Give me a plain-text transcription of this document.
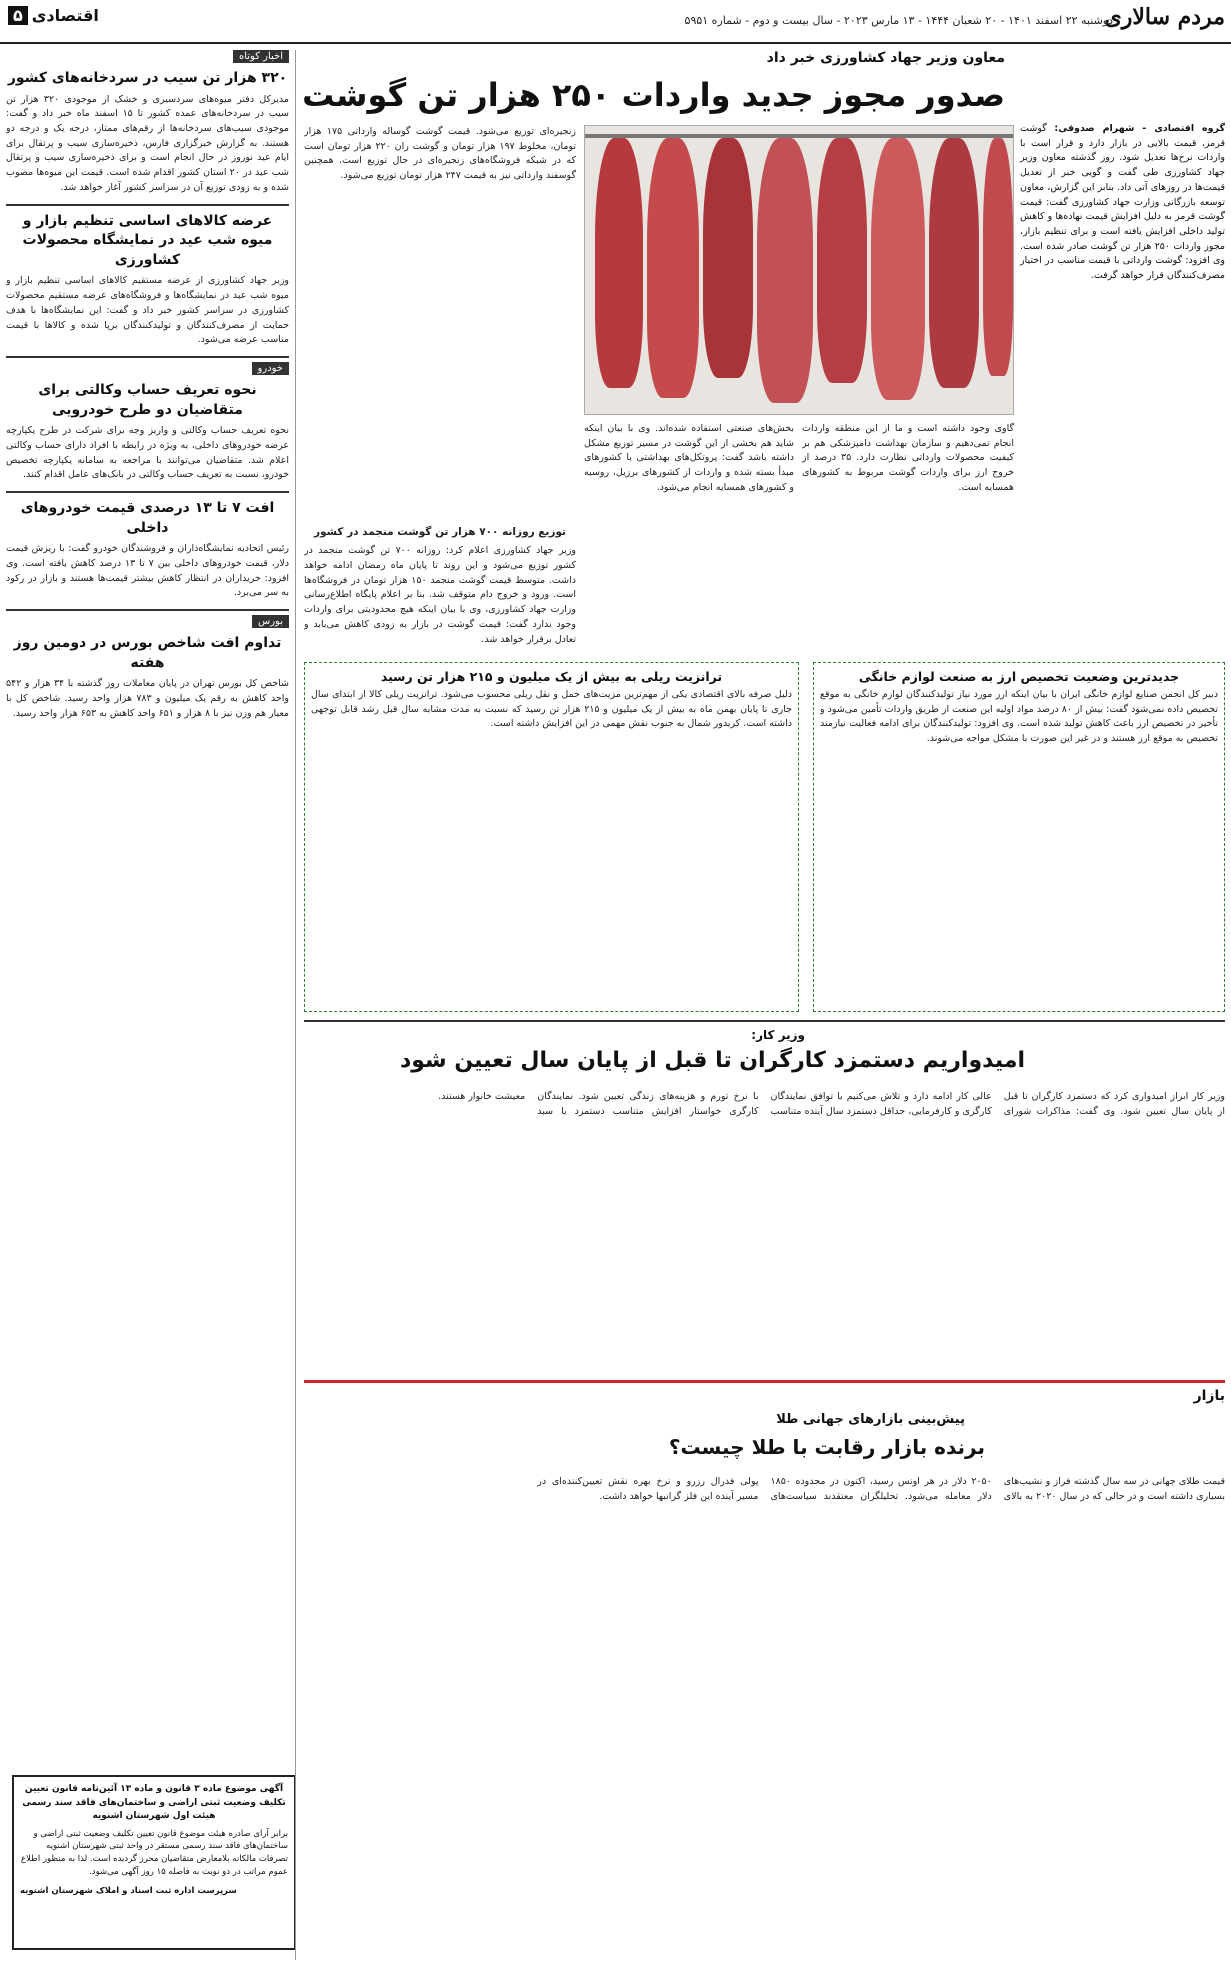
مردم سالاری
دوشنبه ۲۲ اسفند ۱۴۰۱ - ۲۰ شعبان ۱۴۴۴ - ۱۳ مارس ۲۰۲۳ - سال بیست و دوم - شماره ۵۹۵۱
اقتصادی
۵
اخبار کوتاه
۳۲۰ هزار تن سیب در سردخانه‌های کشور
مدیرکل دفتر میوه‌های سردسیری و خشک از موجودی ۳۲۰ هزار تن سیب در سردخانه‌های عمده کشور تا ۱۵ اسفند ماه خبر داد و گفت: موجودی سیب‌های سردخانه‌ها از رقم‌های ممتاز، درجه یک و درجه دو هستند. به گزارش خبرگزاری فارس، ذخیره‌سازی سیب و پرتقال برای ایام عید نوروز در حال انجام است و برای ذخیره‌سازی سیب و پرتقال شب عید در ۲۰ استان کشور اقدام شده است. قیمت این میوه‌ها مصوب شده و به زودی توزیع آن در سراسر کشور آغاز خواهد شد.
عرضه کالاهای اساسی تنظیم بازار و میوه شب عید در نمایشگاه محصولات کشاورزی
وزیر جهاد کشاورزی از عرضه مستقیم کالاهای اساسی تنظیم بازار و میوه شب عید در نمایشگاه‌ها و فروشگاه‌های عرضه مستقیم محصولات کشاورزی در سراسر کشور خبر داد و گفت: این نمایشگاه‌ها با هدف حمایت از مصرف‌کنندگان و تولیدکنندگان برپا شده و کالاها با قیمت مناسب عرضه می‌شود.
خودرو
نحوه تعریف حساب وکالتی برای متقاضیان دو طرح خودرویی
نحوه تعریف حساب وکالتی و واریز وجه برای شرکت در طرح یکپارچه عرضه خودروهای داخلی، به ویژه در رابطه با افراد دارای حساب وکالتی اعلام شد. متقاضیان می‌توانند با مراجعه به سامانه یکپارچه تخصیص خودرو، نسبت به تعریف حساب وکالتی در بانک‌های عامل اقدام کنند.
افت ۷ تا ۱۳ درصدی قیمت خودروهای داخلی
رئیس اتحادیه نمایشگاه‌داران و فروشندگان خودرو گفت: با ریزش قیمت دلار، قیمت خودروهای داخلی بین ۷ تا ۱۳ درصد کاهش یافته است. وی افزود: خریداران در انتظار کاهش بیشتر قیمت‌ها هستند و بازار در رکود به سر می‌برد.
بورس
تداوم افت شاخص بورس در دومین روز هفته
شاخص کل بورس تهران در پایان معاملات روز گذشته با ۳۴ هزار و ۵۴۲ واحد کاهش به رقم یک میلیون و ۷۸۳ هزار واحد رسید. شاخص کل با معیار هم وزن نیز با ۸ هزار و ۶۵۱ واحد کاهش به ۶۵۳ هزار واحد رسید.
آگهی موضوع ماده ۳ قانون و ماده ۱۳ آئین‌نامه قانون تعیین تکلیف وضعیت ثبتی اراضی و ساختمان‌های فاقد سند رسمی هیئت اول شهرستان اشنویه
برابر آرای صادره هیئت موضوع قانون تعیین تکلیف وضعیت ثبتی اراضی و ساختمان‌های فاقد سند رسمی مستقر در واحد ثبتی شهرستان اشنویه تصرفات مالکانه بلامعارض متقاضیان محرز گردیده است. لذا به منظور اطلاع عموم مراتب در دو نوبت به فاصله ۱۵ روز آگهی می‌شود.
سرپرست اداره ثبت اسناد و املاک شهرستان اشنویه
معاون وزیر جهاد کشاورزی خبر داد
صدور مجوز جدید واردات ۲۵۰ هزار تن گوشت
گروه اقتصادی - شهرام صدوقی: گوشت قرمز، قیمت بالایی در بازار دارد و قرار است با واردات نرخ‌ها تعدیل شود. روز گذشته معاون وزیر جهاد کشاورزی طی گفت و گویی خبر از تعدیل قیمت‌ها در روزهای آتی داد. بنابر این گزارش، معاون توسعه بازرگانی وزارت جهاد کشاورزی گفت: قیمت گوشت قرمز به دلیل افزایش قیمت نهاده‌ها و کاهش تولید داخلی افزایش یافته است و برای تنظیم بازار، مجوز واردات ۲۵۰ هزار تن گوشت صادر شده است. وی افزود: گوشت وارداتی با قیمت مناسب در اختیار مصرف‌کنندگان قرار خواهد گرفت.
زنجیره‌ای توزیع می‌شود. قیمت گوشت گوساله وارداتی ۱۷۵ هزار تومان، مخلوط ۱۹۷ هزار تومان و گوشت ران ۲۲۰ هزار تومان است که در شبکه فروشگاه‌های زنجیره‌ای در حال توزیع است. همچنین گوسفند وارداتی نیز به قیمت ۲۴۷ هزار تومان توزیع می‌شود.
بخش‌های صنعتی استفاده شده‌اند. وی با بیان اینکه شاید هم بخشی از این گوشت در مسیر توزیع مشکل داشته باشد گفت: پروتکل‌های بهداشتی با کشورهای مبدأ بسته شده و واردات از کشورهای برزیل، روسیه و کشورهای همسایه انجام می‌شود.
گاوی وجود داشته است و ما از این منطقه واردات انجام نمی‌دهیم و سازمان بهداشت دامپزشکی هم بر کیفیت محصولات وارداتی نظارت دارد. ۳۵ درصد از خروج ارز برای واردات گوشت مربوط به کشورهای همسایه است.
توزیع روزانه ۷۰۰ هزار تن گوشت منجمد در کشور
وزیر جهاد کشاورزی اعلام کرد: روزانه ۷۰۰ تن گوشت منجمد در کشور توزیع می‌شود و این روند تا پایان ماه رمضان ادامه خواهد داشت. متوسط قیمت گوشت منجمد ۱۵۰ هزار تومان در فروشگاه‌ها است. ورود و خروج دام متوقف شد. بنا بر اعلام پایگاه اطلاع‌رسانی وزارت جهاد کشاورزی، وی با بیان اینکه هیچ محدودیتی برای واردات وجود ندارد گفت: قیمت گوشت در بازار به زودی کاهش می‌یابد و تعادل برقرار خواهد شد.
جدیدترین وضعیت تخصیص ارز به صنعت لوازم خانگی
دبیر کل انجمن صنایع لوازم خانگی ایران با بیان اینکه ارز مورد نیاز تولیدکنندگان لوازم خانگی به موقع تخصیص داده نمی‌شود گفت: بیش از ۸۰ درصد مواد اولیه این صنعت از طریق واردات تأمین می‌شود و تأخیر در تخصیص ارز باعث کاهش تولید شده است. وی افزود: تولیدکنندگان برای ادامه فعالیت نیازمند تخصیص به موقع ارز هستند و در غیر این صورت با مشکل مواجه می‌شوند.
ترانزیت ریلی به بیش از یک میلیون و ۲۱۵ هزار تن رسید
دلیل صرفه بالای اقتصادی یکی از مهم‌ترین مزیت‌های حمل و نقل ریلی محسوب می‌شود. ترانزیت ریلی کالا از ابتدای سال جاری تا پایان بهمن ماه به بیش از یک میلیون و ۲۱۵ هزار تن رسید که نسبت به مدت مشابه سال قبل رشد قابل توجهی داشته است. کریدور شمال به جنوب نقش مهمی در این افزایش داشته است.
وزیر کار:
امیدواریم دستمزد کارگران تا قبل از پایان سال تعیین شود
وزیر کار ابراز امیدواری کرد که دستمزد کارگران تا قبل از پایان سال تعیین شود. وی گفت: مذاکرات شورای عالی کار ادامه دارد و تلاش می‌کنیم با توافق نمایندگان کارگری و کارفرمایی، حداقل دستمزد سال آینده متناسب با نرخ تورم و هزینه‌های زندگی تعیین شود. نمایندگان کارگری خواستار افزایش متناسب دستمزد با سبد معیشت خانوار هستند.
بازار
پیش‌بینی بازارهای جهانی طلا
برنده بازار رقابت با طلا چیست؟
قیمت طلای جهانی در سه سال گذشته فراز و نشیب‌های بسیاری داشته است و در حالی که در سال ۲۰۲۰ به بالای ۲۰۵۰ دلار در هر اونس رسید، اکنون در محدوده ۱۸۵۰ دلار معامله می‌شود. تحلیلگران معتقدند سیاست‌های پولی فدرال رزرو و نرخ بهره نقش تعیین‌کننده‌ای در مسیر آینده این فلز گرانبها خواهد داشت.
